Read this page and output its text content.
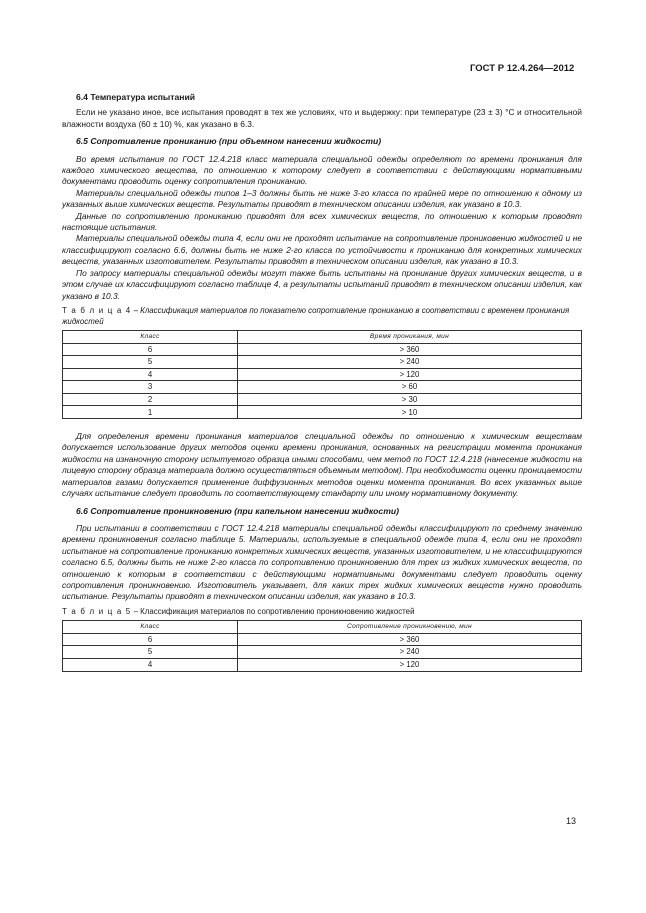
ГОСТ Р 12.4.264—2012

6.4 Температура испытаний

Если не указано иное, все испытания проводят в тех же условиях, что и выдержку: при температуре (23 ± 3) °С и относительной влажности воздуха (60 ± 10) %, как указано в 6.3.

6.5 Сопротивление прониканию (при объемном нанесении жидкости)

Во время испытания по ГОСТ 12.4.218 класс материала специальной одежды определяют по времени проникания для каждого химического вещества, по отношению к которому следует в соответствии с действующими нормативными документами проводить оценку сопротивления прониканию.

Материалы специальной одежды типов 1–3 должны быть не ниже 3-го класса по крайней мере по отношению к одному из указанных выше химических веществ. Результаты приводят в техническом описании изделия, как указано в 10.3.

Данные по сопротивлению прониканию приводят для всех химических веществ, по отношению к которым проводят настоящие испытания.

Материалы специальной одежды типа 4, если они не проходят испытание на сопротивление прониковению жидкостей и не классифицируют согласно 6.6, должны быть не ниже 2-го класса по устойчивости к прониканию для конкретных химических веществ, указанных изготовителем. Результаты приводят в техническом описании изделия, как указано в 10.3.

По запросу материалы специальной одежды могут также быть испытаны на проникание других химических веществ, и в этом случае их классифицируют согласно таблице 4, а результаты испытаний приводят в техническом описании изделия, как указано в 10.3.

Т а б л и ц а 4 – Классификация материалов по показателю сопротивление прониканию в соответствии с временем проникания жидкостей

Класс	Время проникания, мин
6	> 360
5	> 240
4	> 120
3	> 60
2	> 30
1	> 10

Для определения времени проникания материалов специальной одежды по отношению к химическим веществам допускается использование других методов оценки времени проникания, основанных на регистрации момента проникания жидкости на изнаночную сторону испытуемого образца иными способами, чем метод по ГОСТ 12.4.218 (нанесение жидкости на лицевую сторону образца материала должно осуществляться объемным методом). При необходимости оценки проницаемости материалов газами допускается применение диффузионных методов оценки момента проникания. Во всех указанных выше случаях испытание следует проводить по соответствующему стандарту или иному нормативному документу.

6.6 Сопротивление проникновению (при капельном нанесении жидкости)

При испытании в соответствии с ГОСТ 12.4.218 материалы специальной одежды классифицируют по среднему значению времени проникновения согласно таблице 5. Материалы, используемые в специальной одежде типа 4, если они не проходят испытание на сопротивление прониканию конкретных химических веществ, указанных изготовителем, и не классифицируются согласно 6.5, должны быть не ниже 2-го класса по сопротивлению проникновению для трех из жидких химических веществ, по отношению к которым в соответствии с действующими нормативными документами следует проводить оценку сопротивления проникновению. Изготовитель указывает, для каких трех жидких химических веществ нужно проводить испытание. Результаты приводят в техническом описании изделия, как указано в 10.3.

Т а б л и ц а 5 – Классификация материалов по сопротивлению проникновению жидкостей

Класс	Сопротивление проникновению, мин
6	> 360
5	> 240
4	> 120
13
